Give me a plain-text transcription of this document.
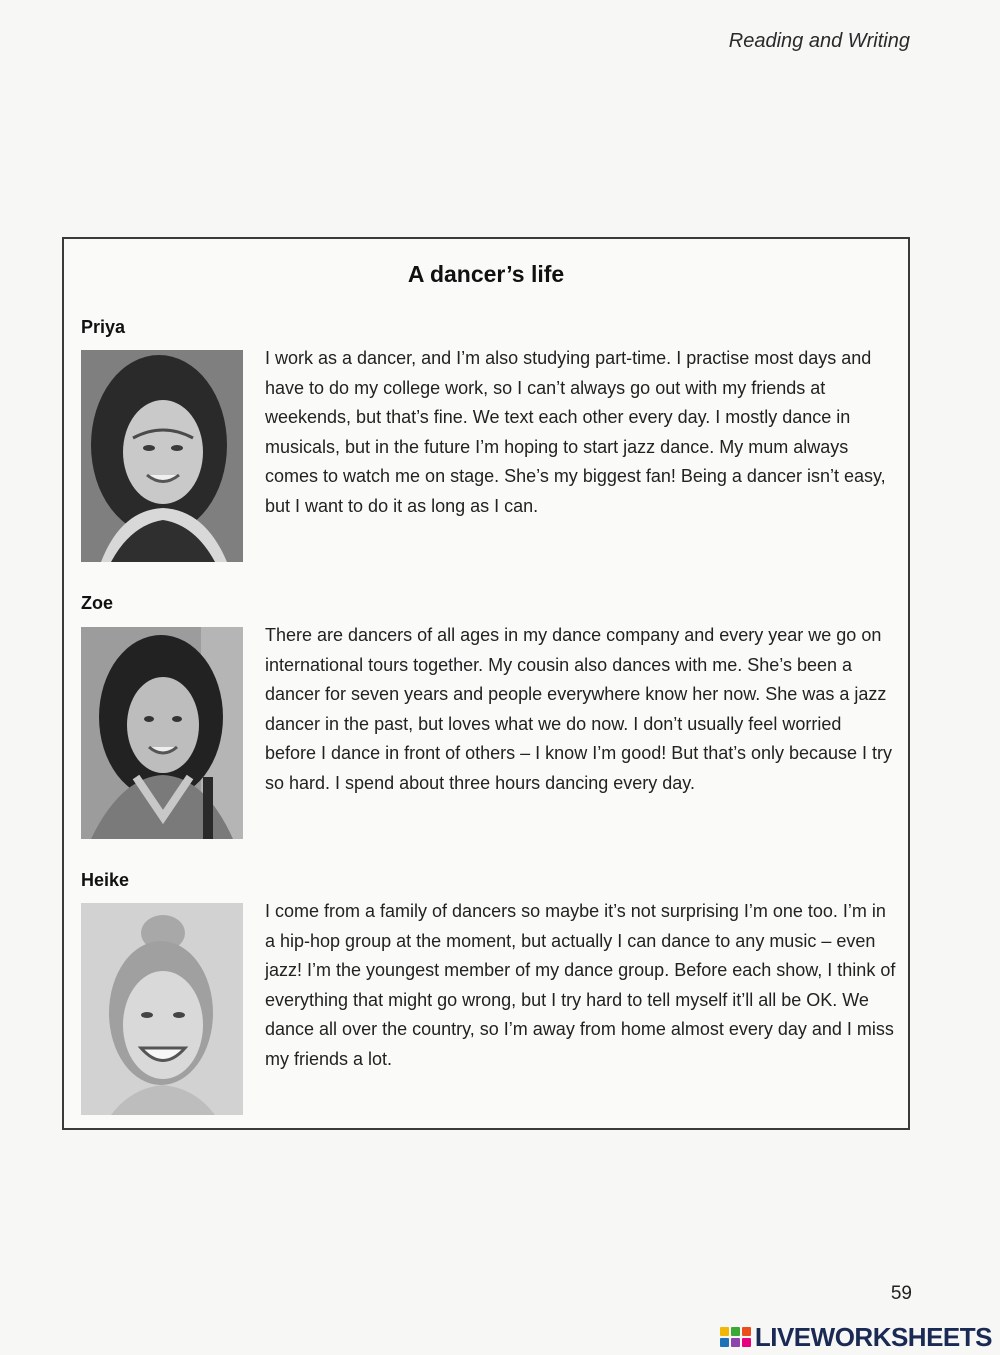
Reading and Writing
A dancer’s life
Priya

I work as a dancer, and I’m also studying part-time. I practise most days and have to do my college work, so I can’t always go out with my friends at weekends, but that’s fine. We text each other every day. I mostly dance in musicals, but in the future I’m hoping to start jazz dance. My mum always comes to watch me on stage. She’s my biggest fan! Being a dancer isn’t easy, but I want to do it as long as I can.

Zoe

There are dancers of all ages in my dance company and every year we go on international tours together. My cousin also dances with me. She’s been a dancer for seven years and people everywhere know her now. She was a jazz dancer in the past, but loves what we do now. I don’t usually feel worried before I dance in front of others – I know I’m good! But that’s only because I try so hard. I spend about three hours dancing every day.

Heike

I come from a family of dancers so maybe it’s not surprising I’m one too. I’m in a hip-hop group at the moment, but actually I can dance to any music – even jazz! I’m the youngest member of my dance group. Before each show, I think of everything that might go wrong, but I try hard to tell myself it’ll all be OK. We dance all over the country, so I’m away from home almost every day and I miss my friends a lot.

59
LIVEWORKSHEETS
